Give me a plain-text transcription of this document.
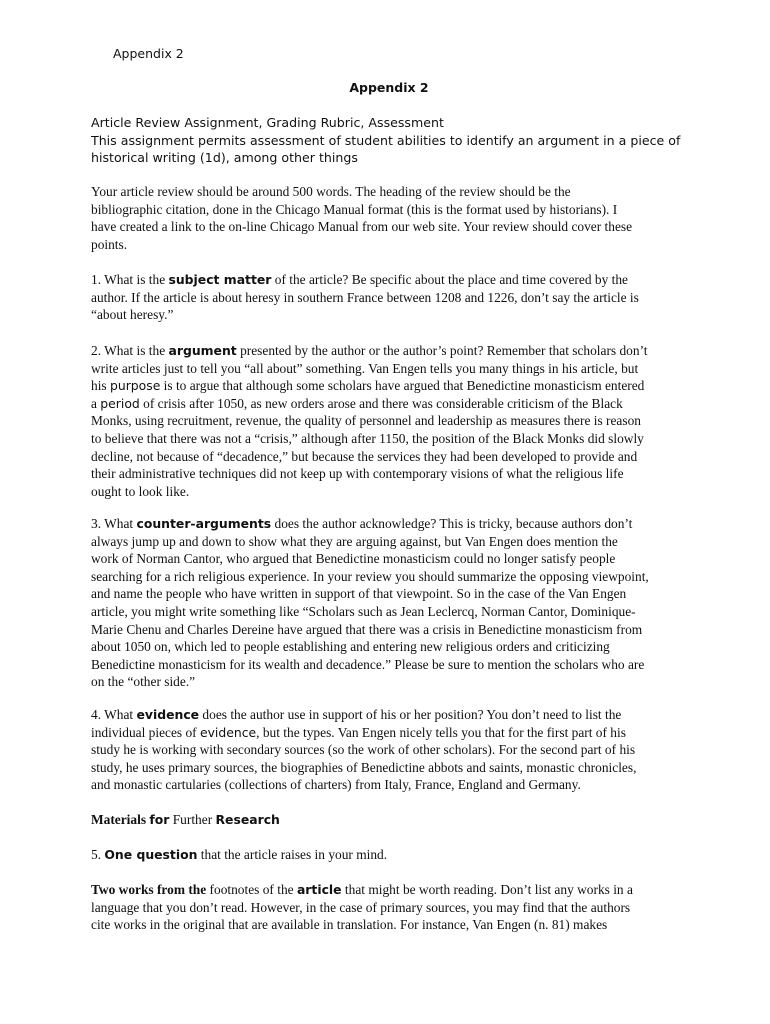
Appendix 2
Appendix 2
Article Review Assignment, Grading Rubric, Assessment
This assignment permits assessment of student abilities to identify an argument in a piece of
historical writing (1d), among other things
Your article review should be around 500 words. The heading of the review should be the
bibliographic citation, done in the Chicago Manual format (this is the format used by historians). I
have created a link to the on-line Chicago Manual from our web site. Your review should cover these
points.
1. What is the subject matter of the article? Be specific about the place and time covered by the
author. If the article is about heresy in southern France between 1208 and 1226, don’t say the article is
“about heresy.”
2. What is the argument presented by the author or the author’s point? Remember that scholars don’t
write articles just to tell you “all about” something. Van Engen tells you many things in his article, but
his purpose is to argue that although some scholars have argued that Benedictine monasticism entered
a period of crisis after 1050, as new orders arose and there was considerable criticism of the Black
Monks, using recruitment, revenue, the quality of personnel and leadership as measures there is reason
to believe that there was not a “crisis,” although after 1150, the position of the Black Monks did slowly
decline, not because of “decadence,” but because the services they had been developed to provide and
their administrative techniques did not keep up with contemporary visions of what the religious life
ought to look like.
3. What counter-arguments does the author acknowledge? This is tricky, because authors don’t
always jump up and down to show what they are arguing against, but Van Engen does mention the
work of Norman Cantor, who argued that Benedictine monasticism could no longer satisfy people
searching for a rich religious experience. In your review you should summarize the opposing viewpoint,
and name the people who have written in support of that viewpoint. So in the case of the Van Engen
article, you might write something like “Scholars such as Jean Leclercq, Norman Cantor, Dominique-
Marie Chenu and Charles Dereine have argued that there was a crisis in Benedictine monasticism from
about 1050 on, which led to people establishing and entering new religious orders and criticizing
Benedictine monasticism for its wealth and decadence.” Please be sure to mention the scholars who are
on the “other side.”
4. What evidence does the author use in support of his or her position? You don’t need to list the
individual pieces of evidence, but the types. Van Engen nicely tells you that for the first part of his
study he is working with secondary sources (so the work of other scholars). For the second part of his
study, he uses primary sources, the biographies of Benedictine abbots and saints, monastic chronicles,
and monastic cartularies (collections of charters) from Italy, France, England and Germany.
Materials for Further Research
5. One question that the article raises in your mind.
Two works from the footnotes of the article that might be worth reading. Don’t list any works in a
language that you don’t read. However, in the case of primary sources, you may find that the authors
cite works in the original that are available in translation. For instance, Van Engen (n. 81) makes
